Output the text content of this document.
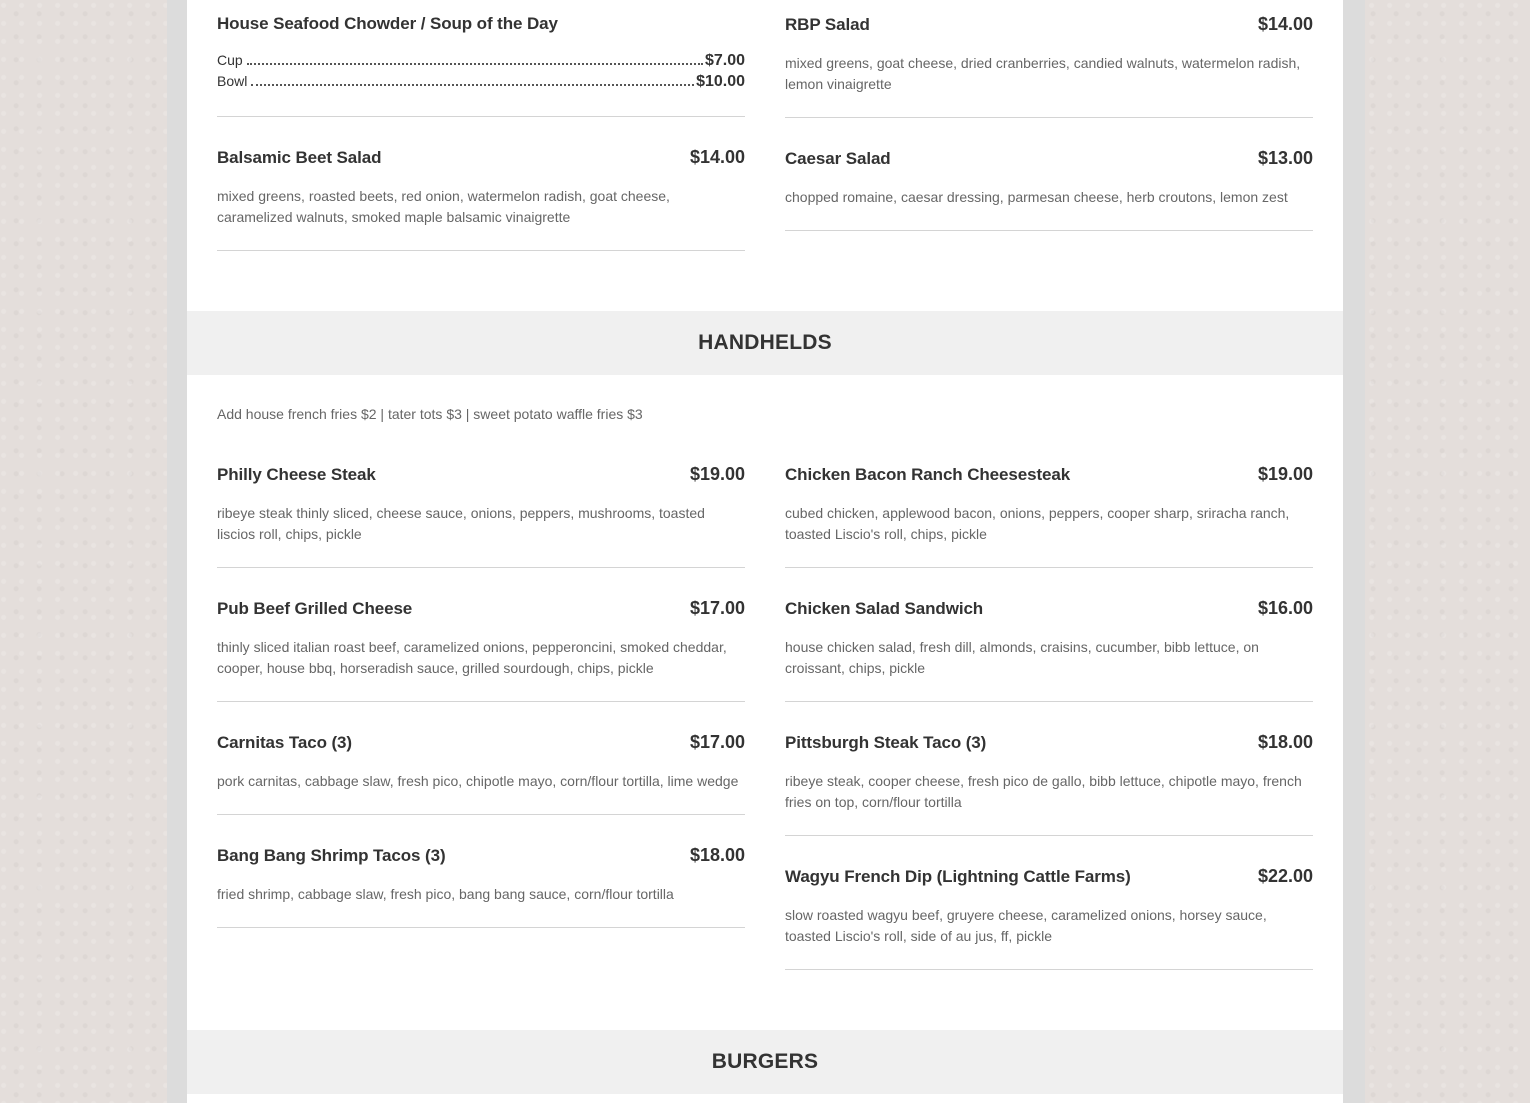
House Seafood Chowder / Soup of the Day
Cup	$7.00
Bowl	$10.00
RBP Salad	$14.00
mixed greens, goat cheese, dried cranberries, candied walnuts, watermelon radish, lemon vinaigrette
Balsamic Beet Salad	$14.00
mixed greens, roasted beets, red onion, watermelon radish, goat cheese, caramelized walnuts, smoked maple balsamic vinaigrette
Caesar Salad	$13.00
chopped romaine, caesar dressing, parmesan cheese, herb croutons, lemon zest
HANDHELDS
Add house french fries $2 | tater tots $3 | sweet potato waffle fries $3
Philly Cheese Steak	$19.00
ribeye steak thinly sliced, cheese sauce, onions, peppers, mushrooms, toasted liscios roll, chips, pickle
Chicken Bacon Ranch Cheesesteak	$19.00
cubed chicken, applewood bacon, onions, peppers, cooper sharp, sriracha ranch, toasted Liscio's roll, chips, pickle
Pub Beef Grilled Cheese	$17.00
thinly sliced italian roast beef, caramelized onions, pepperoncini, smoked cheddar, cooper, house bbq, horseradish sauce, grilled sourdough, chips, pickle
Chicken Salad Sandwich	$16.00
house chicken salad, fresh dill, almonds, craisins, cucumber, bibb lettuce, on croissant, chips, pickle
Carnitas Taco (3)	$17.00
pork carnitas, cabbage slaw, fresh pico, chipotle mayo, corn/flour tortilla, lime wedge
Pittsburgh Steak Taco (3)	$18.00
ribeye steak, cooper cheese, fresh pico de gallo, bibb lettuce, chipotle mayo, french fries on top, corn/flour tortilla
Bang Bang Shrimp Tacos (3)	$18.00
fried shrimp, cabbage slaw, fresh pico, bang bang sauce, corn/flour tortilla
Wagyu French Dip (Lightning Cattle Farms)	$22.00
slow roasted wagyu beef, gruyere cheese, caramelized onions, horsey sauce, toasted Liscio's roll, side of au jus, ff, pickle
BURGERS
